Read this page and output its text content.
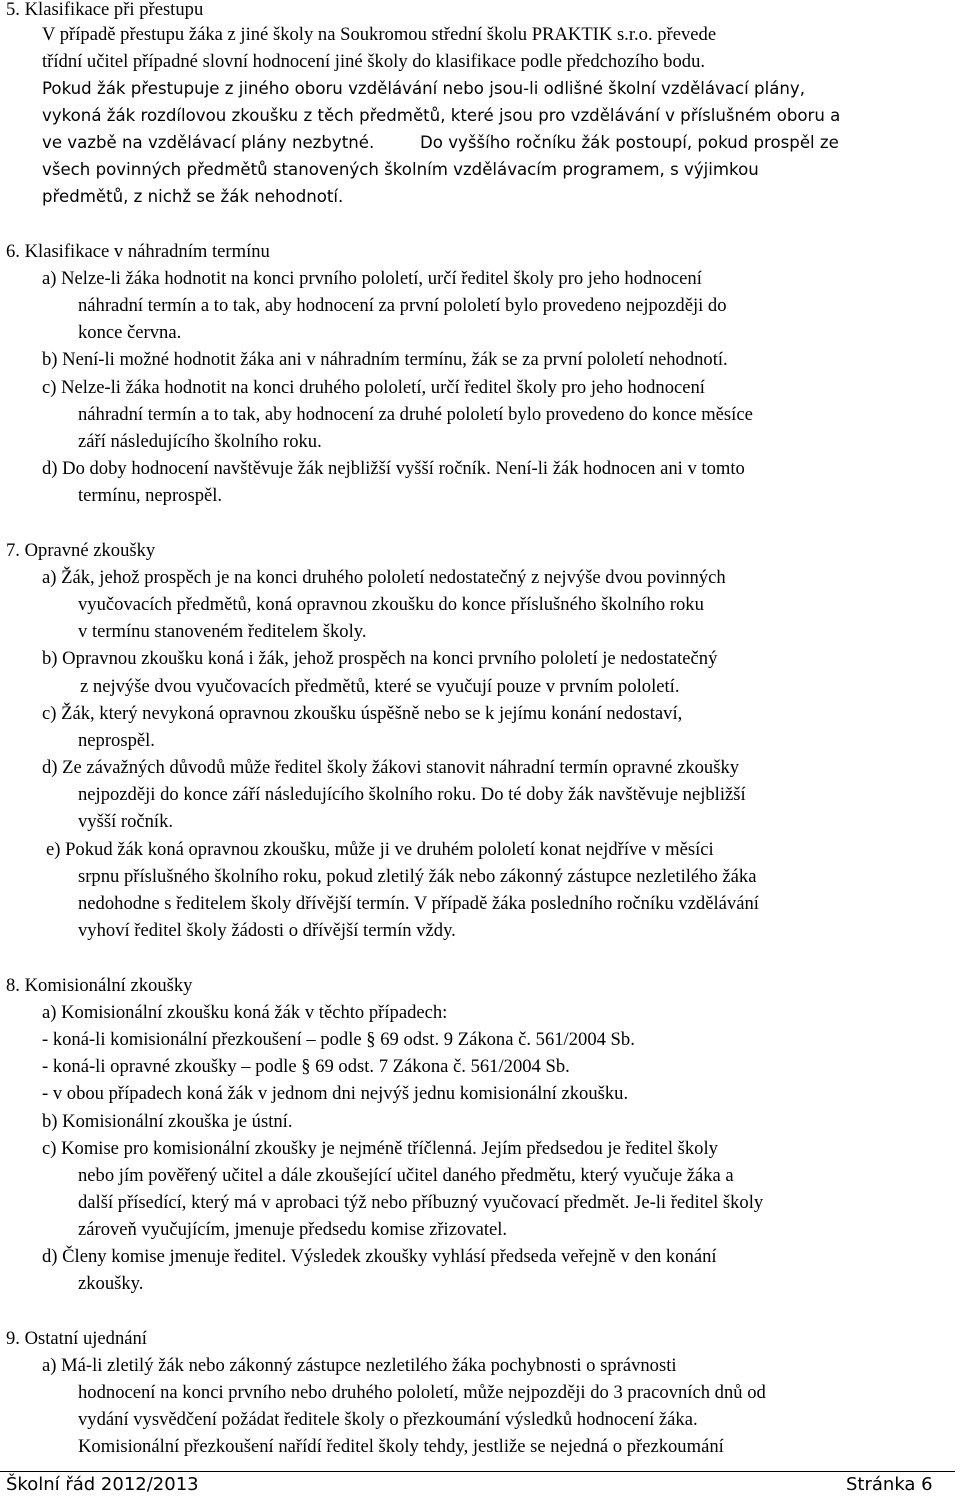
5. Klasifikace při přestupu
V případě přestupu žáka z jiné školy na Soukromou střední školu PRAKTIK s.r.o. převede
třídní učitel případné slovní hodnocení jiné školy do klasifikace podle předchozího bodu.
Pokud žák přestupuje z jiného oboru vzdělávání nebo jsou-li odlišné školní vzdělávací plány,
vykoná žák rozdílovou zkoušku z těch předmětů, které jsou pro vzdělávání v příslušném oboru a
ve vazbě na vzdělávací plány nezbytné.	Do vyššího ročníku žák postoupí, pokud prospěl ze
všech povinných předmětů stanovených školním vzdělávacím programem, s výjimkou
předmětů, z nichž se žák nehodnotí.
6. Klasifikace v náhradním termínu
a) Nelze-li žáka hodnotit na konci prvního pololetí, určí ředitel školy pro jeho hodnocení
náhradní termín a to tak, aby hodnocení za první pololetí bylo provedeno nejpozději do
konce června.
b) Není-li možné hodnotit žáka ani v náhradním termínu, žák se za první pololetí nehodnotí.
c) Nelze-li žáka hodnotit na konci druhého pololetí, určí ředitel školy pro jeho hodnocení
náhradní termín a to tak, aby hodnocení za druhé pololetí bylo provedeno do konce měsíce
září následujícího školního roku.
d) Do doby hodnocení navštěvuje žák nejbližší vyšší ročník. Není-li žák hodnocen ani v tomto
termínu, neprospěl.
7. Opravné zkoušky
a) Žák, jehož prospěch je na konci druhého pololetí nedostatečný z nejvýše dvou povinných
vyučovacích předmětů, koná opravnou zkoušku do konce příslušného školního roku
v termínu stanoveném ředitelem školy.
b) Opravnou zkoušku koná i žák, jehož prospěch na konci prvního pololetí je nedostatečný
z nejvýše dvou vyučovacích předmětů, které se vyučují pouze v prvním pololetí.
c) Žák, který nevykoná opravnou zkoušku úspěšně nebo se k jejímu konání nedostaví,
neprospěl.
d) Ze závažných důvodů může ředitel školy žákovi stanovit náhradní termín opravné zkoušky
nejpozději do konce září následujícího školního roku. Do té doby žák navštěvuje nejbližší
vyšší ročník.
e) Pokud žák koná opravnou zkoušku, může ji ve druhém pololetí konat nejdříve v měsíci
srpnu příslušného školního roku, pokud zletilý žák nebo zákonný zástupce nezletilého žáka
nedohodne s ředitelem školy dřívější termín. V případě žáka posledního ročníku vzdělávání
vyhoví ředitel školy žádosti o dřívější termín vždy.
8. Komisionální zkoušky
a) Komisionální zkoušku koná žák v těchto případech:
- koná-li komisionální přezkoušení – podle § 69 odst. 9 Zákona č. 561/2004 Sb.
- koná-li opravné zkoušky – podle § 69 odst. 7 Zákona č. 561/2004 Sb.
- v obou případech koná žák v jednom dni nejvýš jednu komisionální zkoušku.
b) Komisionální zkouška je ústní.
c) Komise pro komisionální zkoušky je nejméně tříčlenná. Jejím předsedou je ředitel školy
nebo jím pověřený učitel a dále zkoušející učitel daného předmětu, který vyučuje žáka a
další přísedící, který má v aprobaci týž nebo příbuzný vyučovací předmět. Je-li ředitel školy
zároveň vyučujícím, jmenuje předsedu komise zřizovatel.
d) Členy komise jmenuje ředitel. Výsledek zkoušky vyhlásí předseda veřejně v den konání
zkoušky.
9. Ostatní ujednání
a) Má-li zletilý žák nebo zákonný zástupce nezletilého žáka pochybnosti o správnosti
hodnocení na konci prvního nebo druhého pololetí, může nejpozději do 3 pracovních dnů od
vydání vysvědčení požádat ředitele školy o přezkoumání výsledků hodnocení žáka.
Komisionální přezkoušení nařídí ředitel školy tehdy, jestliže se nejedná o přezkoumání
Školní řád 2012/2013	Stránka 6
